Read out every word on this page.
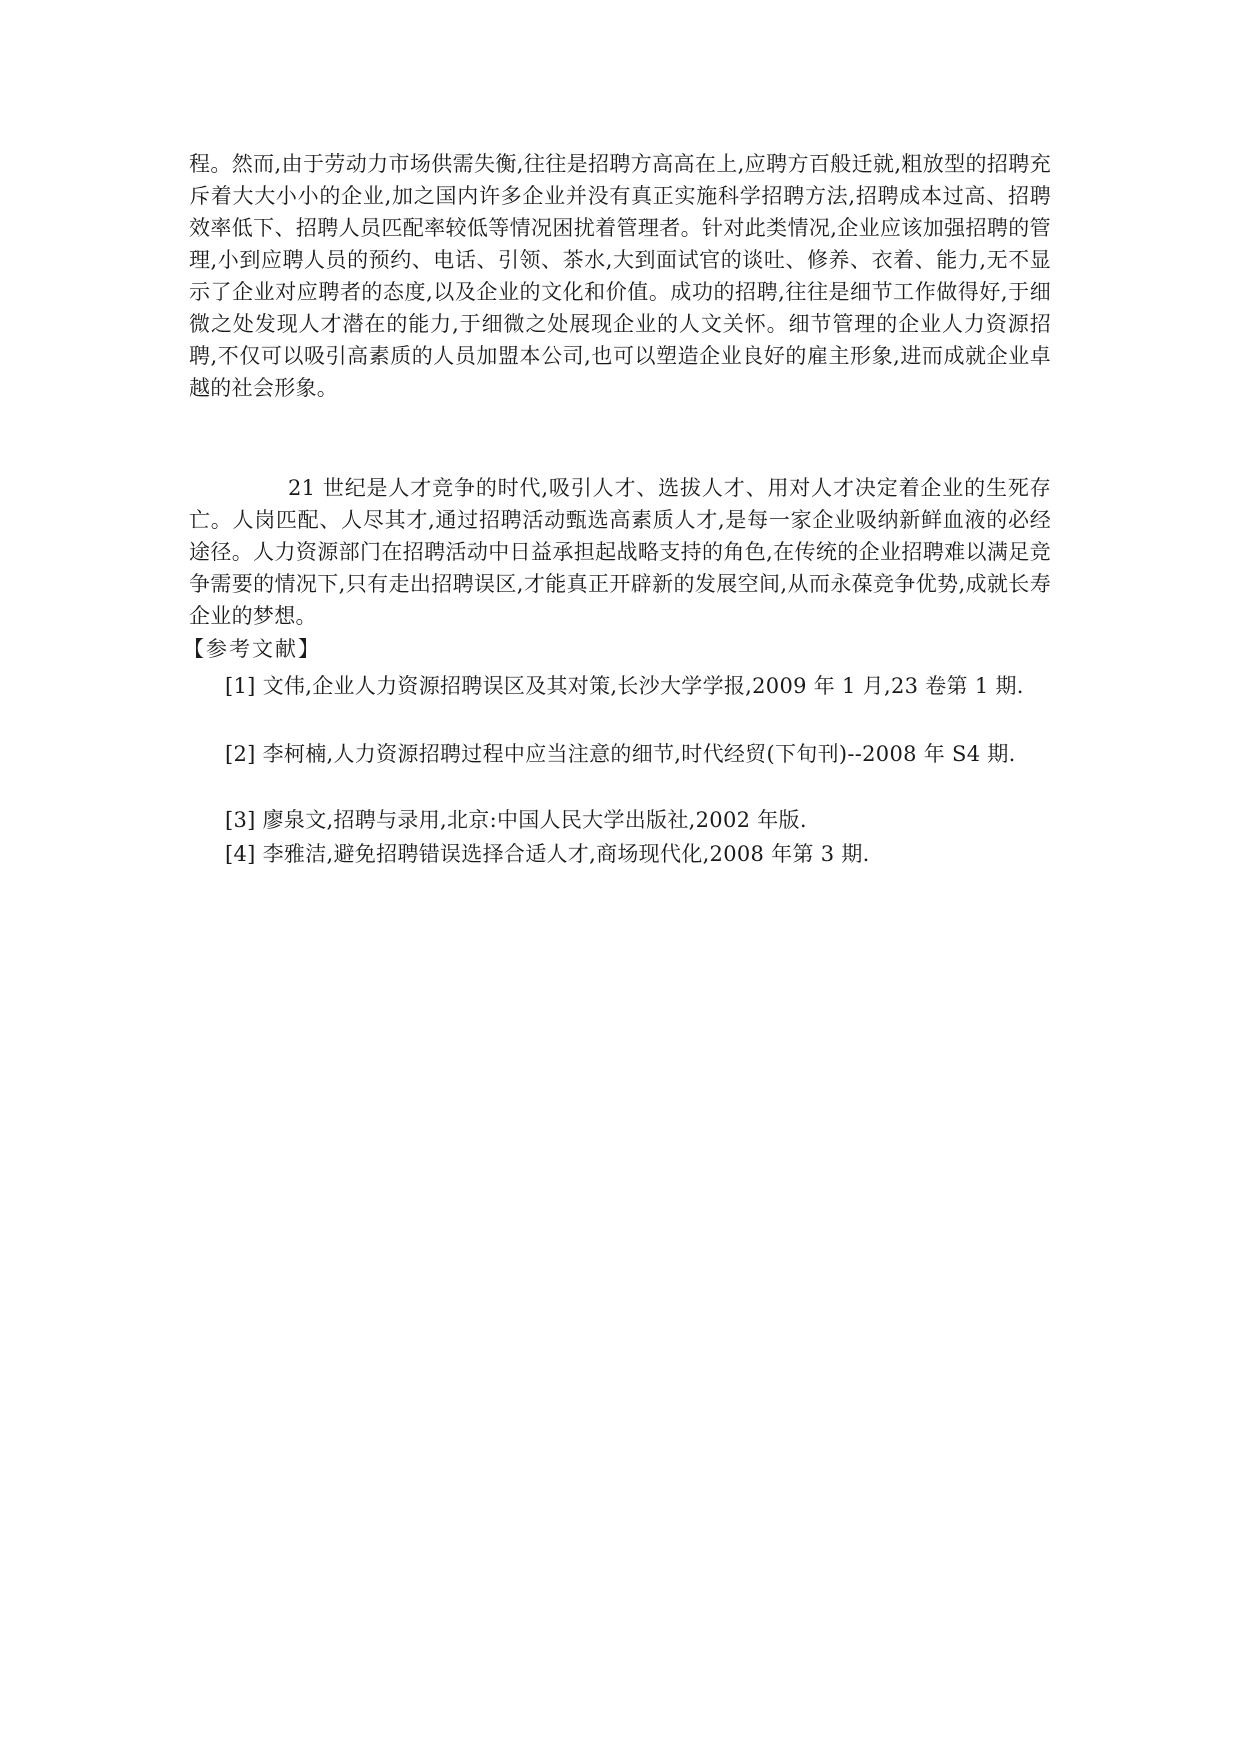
程。然而,由于劳动力市场供需失衡,往往是招聘方高高在上,应聘方百般迁就,粗放型的招聘充斥着大大小小的企业,加之国内许多企业并没有真正实施科学招聘方法,招聘成本过高、招聘效率低下、招聘人员匹配率较低等情况困扰着管理者。针对此类情况,企业应该加强招聘的管理,小到应聘人员的预约、电话、引领、茶水,大到面试官的谈吐、修养、衣着、能力,无不显示了企业对应聘者的态度,以及企业的文化和价值。成功的招聘,往往是细节工作做得好,于细微之处发现人才潜在的能力,于细微之处展现企业的人文关怀。细节管理的企业人力资源招聘,不仅可以吸引高素质的人员加盟本公司,也可以塑造企业良好的雇主形象,进而成就企业卓越的社会形象。

21 世纪是人才竞争的时代,吸引人才、选拔人才、用对人才决定着企业的生死存亡。人岗匹配、人尽其才,通过招聘活动甄选高素质人才,是每一家企业吸纳新鲜血液的必经途径。人力资源部门在招聘活动中日益承担起战略支持的角色,在传统的企业招聘难以满足竞争需要的情况下,只有走出招聘误区,才能真正开辟新的发展空间,从而永葆竞争优势,成就长寿企业的梦想。

【参考文献】

[1] 文伟,企业人力资源招聘误区及其对策,长沙大学学报,2009 年 1 月,23 卷第 1 期.

[2] 李柯楠,人力资源招聘过程中应当注意的细节,时代经贸(下旬刊)--2008 年 S4 期.

[3] 廖泉文,招聘与录用,北京:中国人民大学出版社,2002 年版.

[4] 李雅洁,避免招聘错误选择合适人才,商场现代化,2008 年第 3 期.
